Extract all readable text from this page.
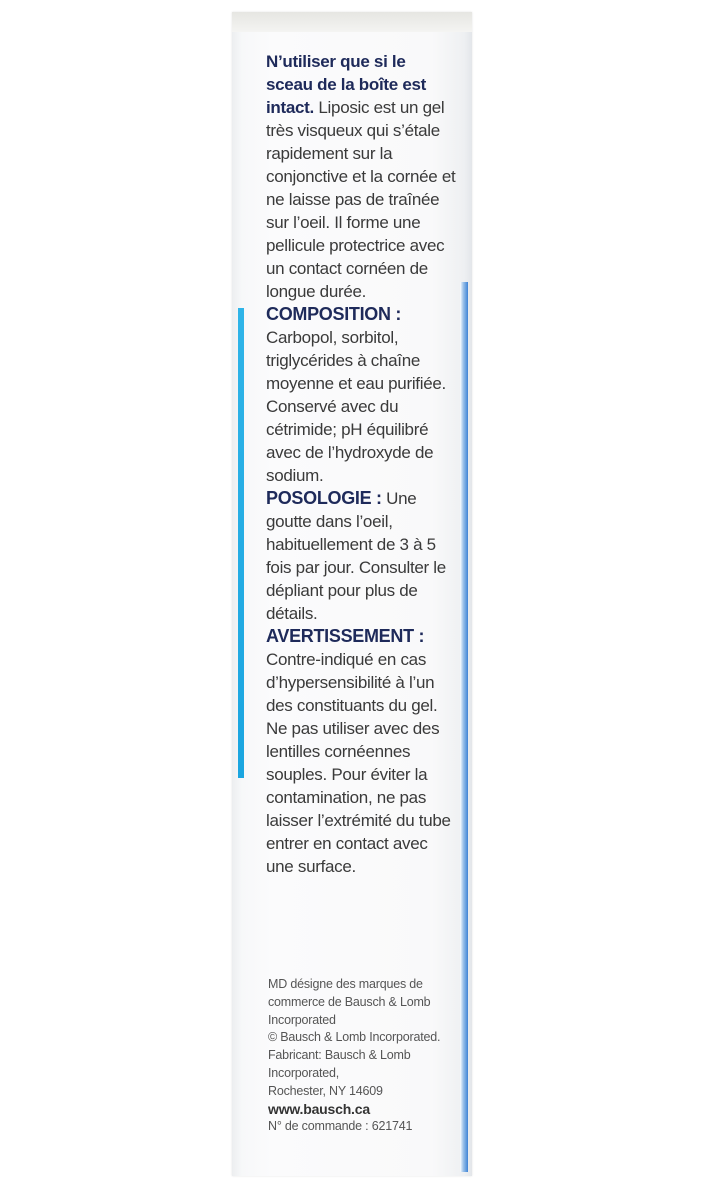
N’utiliser que si le sceau de la boîte est intact. Liposic est un gel très visqueux qui s’étale rapidement sur la conjonctive et la cornée et ne laisse pas de traînée sur l’oeil. Il forme une pellicule protectrice avec un contact cornéen de longue durée.

COMPOSITION :
Carbopol, sorbitol, triglycérides à chaîne moyenne et eau purifiée. Conservé avec du cétrimide; pH équilibré avec de l’hydroxyde de sodium.

POSOLOGIE : Une goutte dans l’oeil, habituellement de 3 à 5 fois par jour. Consulter le dépliant pour plus de détails.

AVERTISSEMENT :
Contre-indiqué en cas d’hypersensibilité à l’un des constituants du gel. Ne pas utiliser avec des lentilles cornéennes souples. Pour éviter la contamination, ne pas laisser l’extrémité du tube entrer en contact avec une surface.

MD désigne des marques de commerce de Bausch & Lomb Incorporated

© Bausch & Lomb Incorporated.

Fabricant: Bausch & Lomb Incorporated,

Rochester, NY 14609

www.bausch.ca

N° de commande : 621741
